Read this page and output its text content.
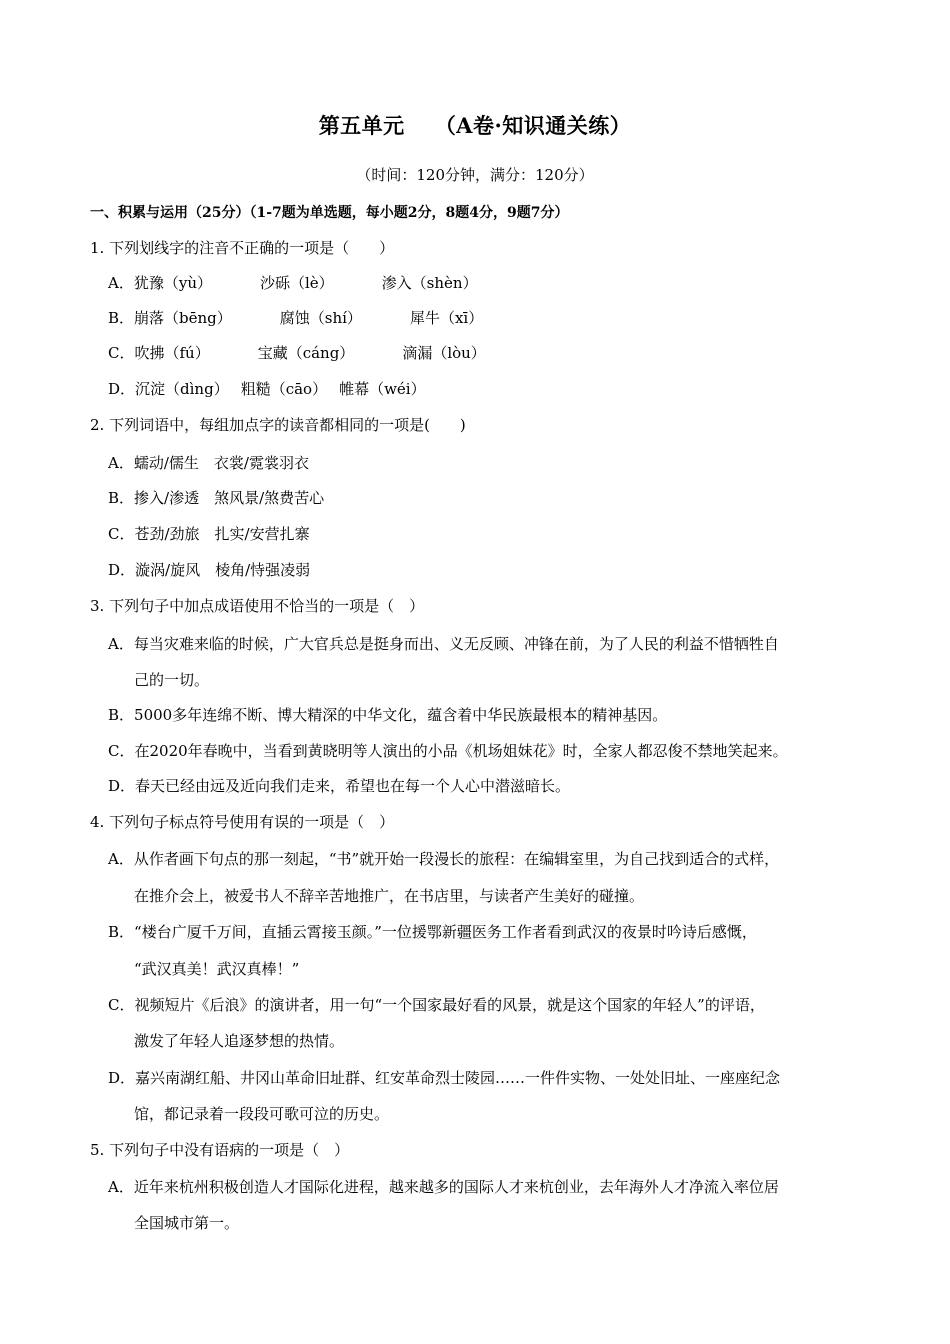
第五单元 （A卷·知识通关练）
（时间：120分钟，满分：120分）
一、积累与运用（25分）（1-7题为单选题，每小题2分，8题4分，9题7分）
1. 下列划线字的注音不正确的一项是（　　）
A．犹豫（yù）	沙砾（lè）	渗入（shèn）
B．崩落（bēng）	腐蚀（shí）	犀牛（xī）
C．吹拂（fú）	宝藏（cáng）	滴漏（lòu）
D．沉淀（dìng） 粗糙（cāo） 帷幕（wéi）
2. 下列词语中，每组加点字的读音都相同的一项是(　　)
A．蠕动/儒生　衣裳/霓裳羽衣
B．掺入/渗透　煞风景/煞费苦心
C．苍劲/劲旅　扎实/安营扎寨
D．漩涡/旋风　棱角/恃强凌弱
3. 下列句子中加点成语使用不恰当的一项是（　）
A．每当灾难来临的时候，广大官兵总是挺身而出、义无反顾、冲锋在前，为了人民的利益不惜牺牲自
己的一切。
B．5000多年连绵不断、博大精深的中华文化，蕴含着中华民族最根本的精神基因。
C．在2020年春晚中，当看到黄晓明等人演出的小品《机场姐妹花》时，全家人都忍俊不禁地笑起来。
D．春天已经由远及近向我们走来，希望也在每一个人心中潜滋暗长。
4. 下列句子标点符号使用有误的一项是（　）
A．从作者画下句点的那一刻起，“书”就开始一段漫长的旅程：在编辑室里，为自己找到适合的式样，
在推介会上，被爱书人不辞辛苦地推广，在书店里，与读者产生美好的碰撞。
B．“楼台广厦千万间，直插云霄接玉颜。”一位援鄂新疆医务工作者看到武汉的夜景时吟诗后感慨，
“武汉真美！武汉真棒！”
C．视频短片《后浪》的演讲者，用一句“一个国家最好看的风景，就是这个国家的年轻人”的评语，
激发了年轻人追逐梦想的热情。
D．嘉兴南湖红船、井冈山革命旧址群、红安革命烈士陵园……一件件实物、一处处旧址、一座座纪念
馆，都记录着一段段可歌可泣的历史。
5. 下列句子中没有语病的一项是（　）
A．近年来杭州积极创造人才国际化进程，越来越多的国际人才来杭创业，去年海外人才净流入率位居
全国城市第一。
